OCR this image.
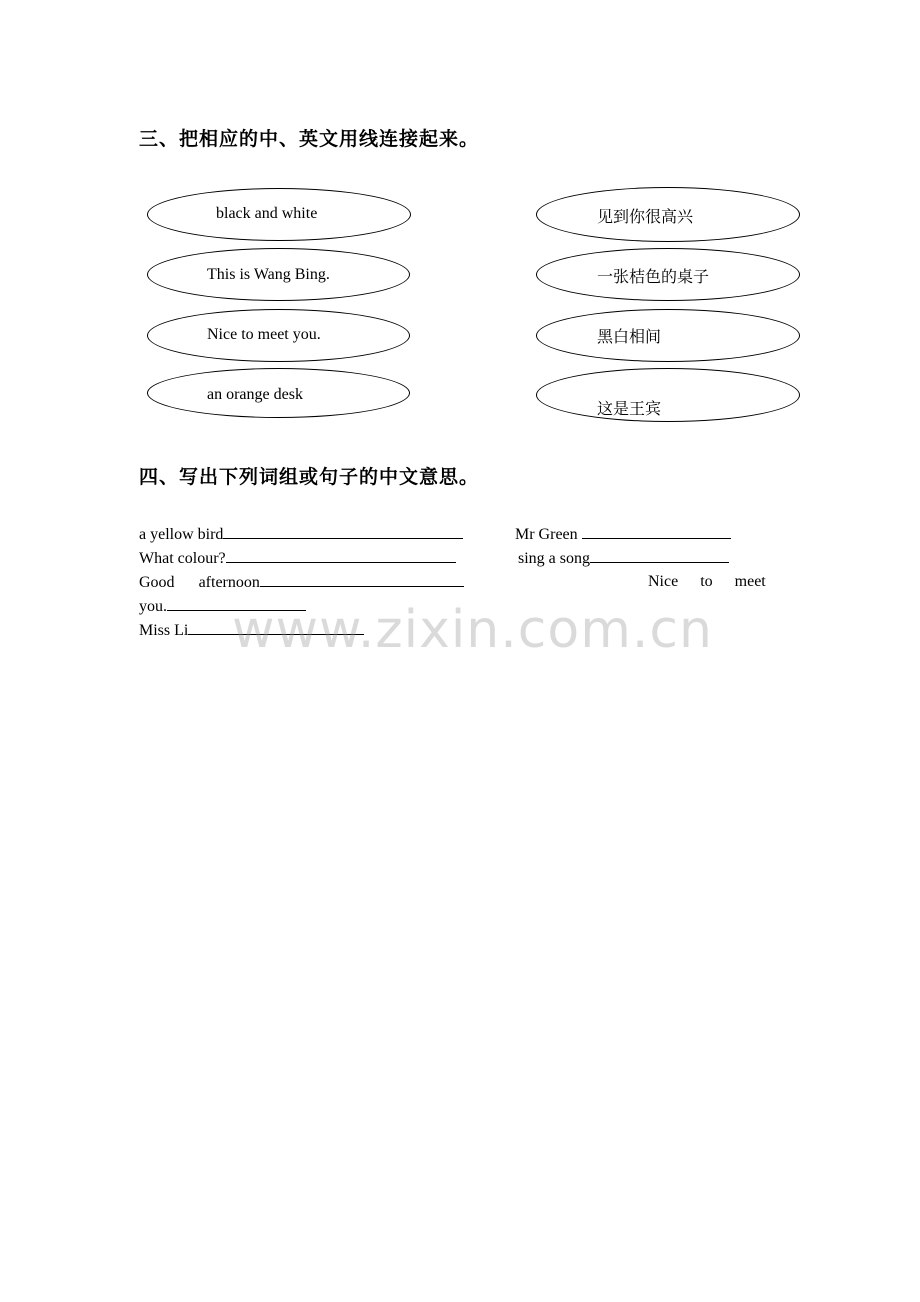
三、把相应的中、英文用线连接起来。
black and white
This is Wang Bing.
Nice to meet you.
an orange desk
见到你很高兴
一张桔色的桌子
黑白相间
这是王宾
四、写出下列词组或句子的中文意思。
a yellow bird	Mr Green
What colour?	sing a song
Good afternoon	Nice to meet
you.
Miss Li www.zixin.com.cn
